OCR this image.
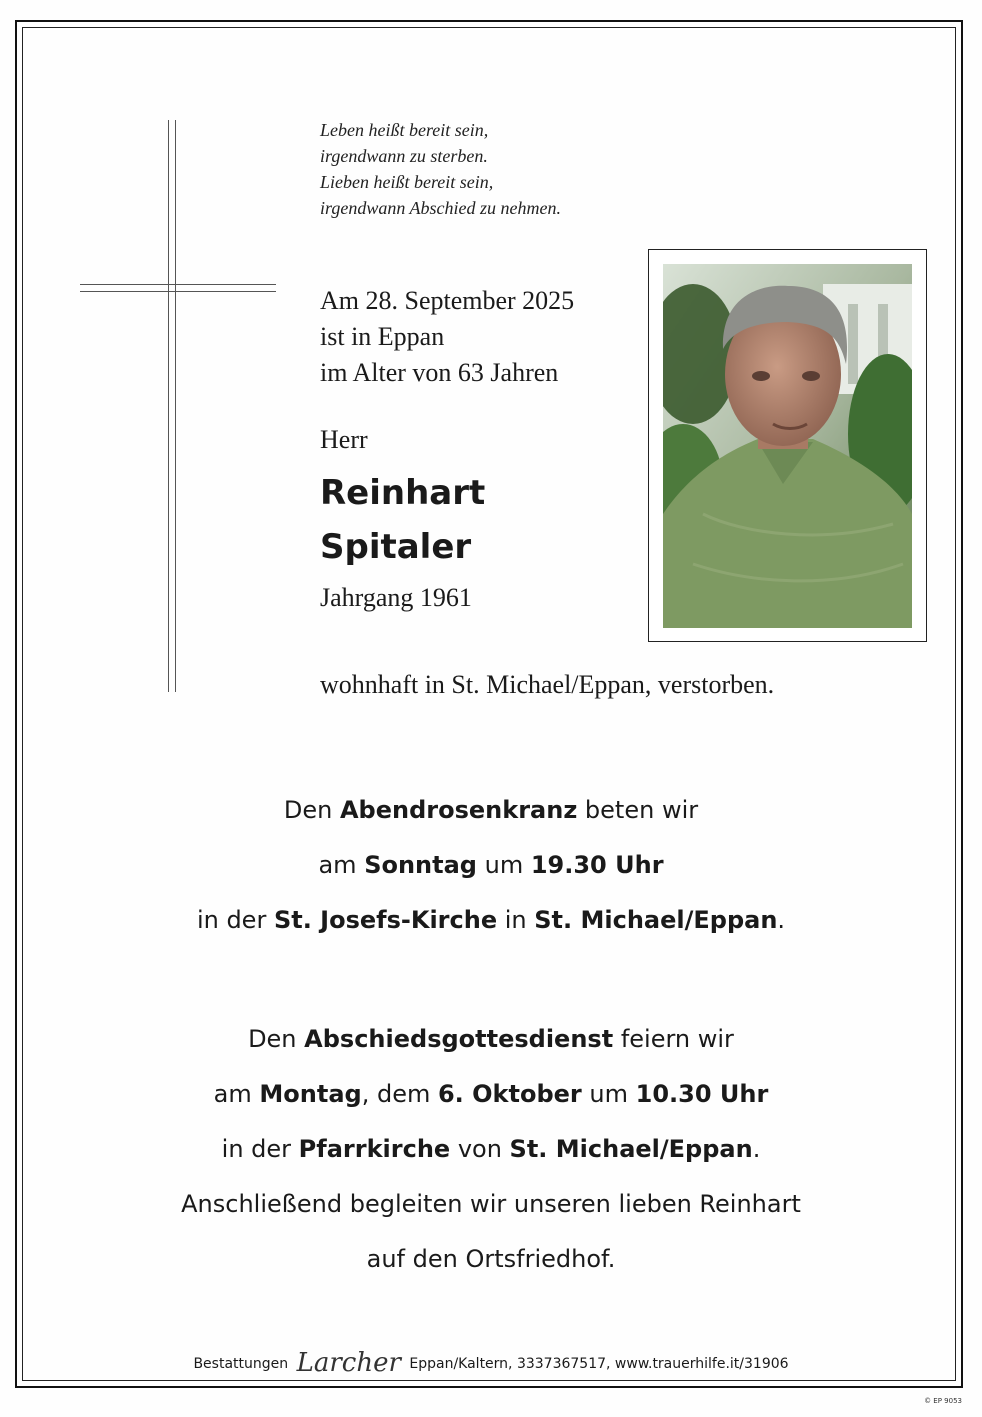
Leben heißt bereit sein,
irgendwann zu sterben.
Lieben heißt bereit sein,
irgendwann Abschied zu nehmen.
Am 28. September 2025
ist in Eppan
im Alter von 63 Jahren
Herr
Reinhart
Spitaler
Jahrgang 1961
wohnhaft in St. Michael/Eppan, verstorben.
Den Abendrosenkranz beten wir
am Sonntag um 19.30 Uhr
in der St. Josefs-Kirche in St. Michael/Eppan.
Den Abschiedsgottesdienst feiern wir
am Montag, dem 6. Oktober um 10.30 Uhr
in der Pfarrkirche von St. Michael/Eppan.
Anschließend begleiten wir unseren lieben Reinhart
auf den Ortsfriedhof.
Bestattungen Larcher Eppan/Kaltern, 3337367517, www.trauerhilfe.it/31906
© EP 9053
